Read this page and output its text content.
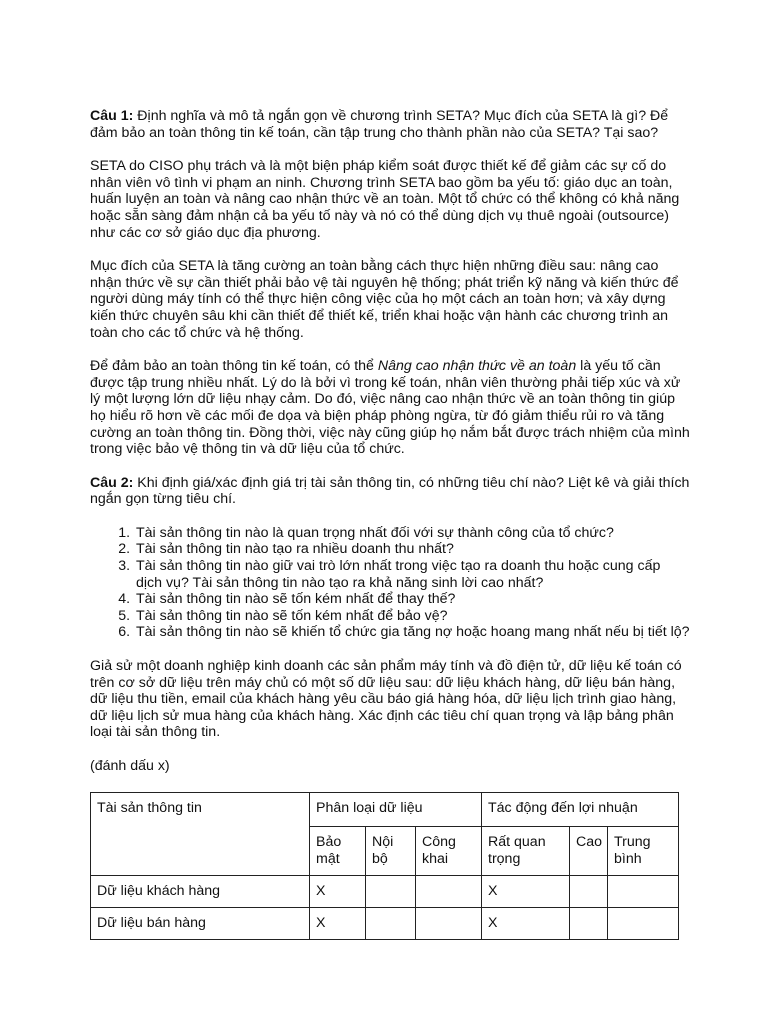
Câu 1: Định nghĩa và mô tả ngắn gọn về chương trình SETA? Mục đích của SETA là gì? Để đảm bảo an toàn thông tin kế toán, cần tập trung cho thành phần nào của SETA? Tại sao?

SETA do CISO phụ trách và là một biện pháp kiểm soát được thiết kế để giảm các sự cố do nhân viên vô tình vi phạm an ninh. Chương trình SETA bao gồm ba yếu tố: giáo dục an toàn, huấn luyện an toàn và nâng cao nhận thức về an toàn. Một tổ chức có thể không có khả năng hoặc sẵn sàng đảm nhận cả ba yếu tố này và nó có thể dùng dịch vụ thuê ngoài (outsource) như các cơ sở giáo dục địa phương.

Mục đích của SETA là tăng cường an toàn bằng cách thực hiện những điều sau: nâng cao nhận thức về sự cần thiết phải bảo vệ tài nguyên hệ thống; phát triển kỹ năng và kiến thức để người dùng máy tính có thể thực hiện công việc của họ một cách an toàn hơn; và xây dựng kiến thức chuyên sâu khi cần thiết để thiết kế, triển khai hoặc vận hành các chương trình an toàn cho các tổ chức và hệ thống.

Để đảm bảo an toàn thông tin kế toán, có thể Nâng cao nhận thức về an toàn là yếu tố cần được tập trung nhiều nhất. Lý do là bởi vì trong kế toán, nhân viên thường phải tiếp xúc và xử lý một lượng lớn dữ liệu nhạy cảm. Do đó, việc nâng cao nhận thức về an toàn thông tin giúp họ hiểu rõ hơn về các mối đe dọa và biện pháp phòng ngừa, từ đó giảm thiểu rủi ro và tăng cường an toàn thông tin. Đồng thời, việc này cũng giúp họ nắm bắt được trách nhiệm của mình trong việc bảo vệ thông tin và dữ liệu của tổ chức.

Câu 2: Khi định giá/xác định giá trị tài sản thông tin, có những tiêu chí nào? Liệt kê và giải thích ngắn gọn từng tiêu chí.

1. Tài sản thông tin nào là quan trọng nhất đối với sự thành công của tổ chức?
2. Tài sản thông tin nào tạo ra nhiều doanh thu nhất?
3. Tài sản thông tin nào giữ vai trò lớn nhất trong việc tạo ra doanh thu hoặc cung cấp dịch vụ? Tài sản thông tin nào tạo ra khả năng sinh lời cao nhất?
4. Tài sản thông tin nào sẽ tốn kém nhất để thay thế?
5. Tài sản thông tin nào sẽ tốn kém nhất để bảo vệ?
6. Tài sản thông tin nào sẽ khiến tổ chức gia tăng nợ hoặc hoang mang nhất nếu bị tiết lộ?

Giả sử một doanh nghiệp kinh doanh các sản phẩm máy tính và đồ điện tử, dữ liệu kế toán có trên cơ sở dữ liệu trên máy chủ có một số dữ liệu sau: dữ liệu khách hàng, dữ liệu bán hàng, dữ liệu thu tiền, email của khách hàng yêu cầu báo giá hàng hóa, dữ liệu lịch trình giao hàng, dữ liệu lịch sử mua hàng của khách hàng. Xác định các tiêu chí quan trọng và lập bảng phân loại tài sản thông tin.

(đánh dấu x)

Tài sản thông tin	Phân loại dữ liệu			Tác động đến lợi nhuận		
	Bảo mật	Nội bộ	Công khai	Rất quan trọng	Cao	Trung bình
Dữ liệu khách hàng	X			X		
Dữ liệu bán hàng	X			X		
